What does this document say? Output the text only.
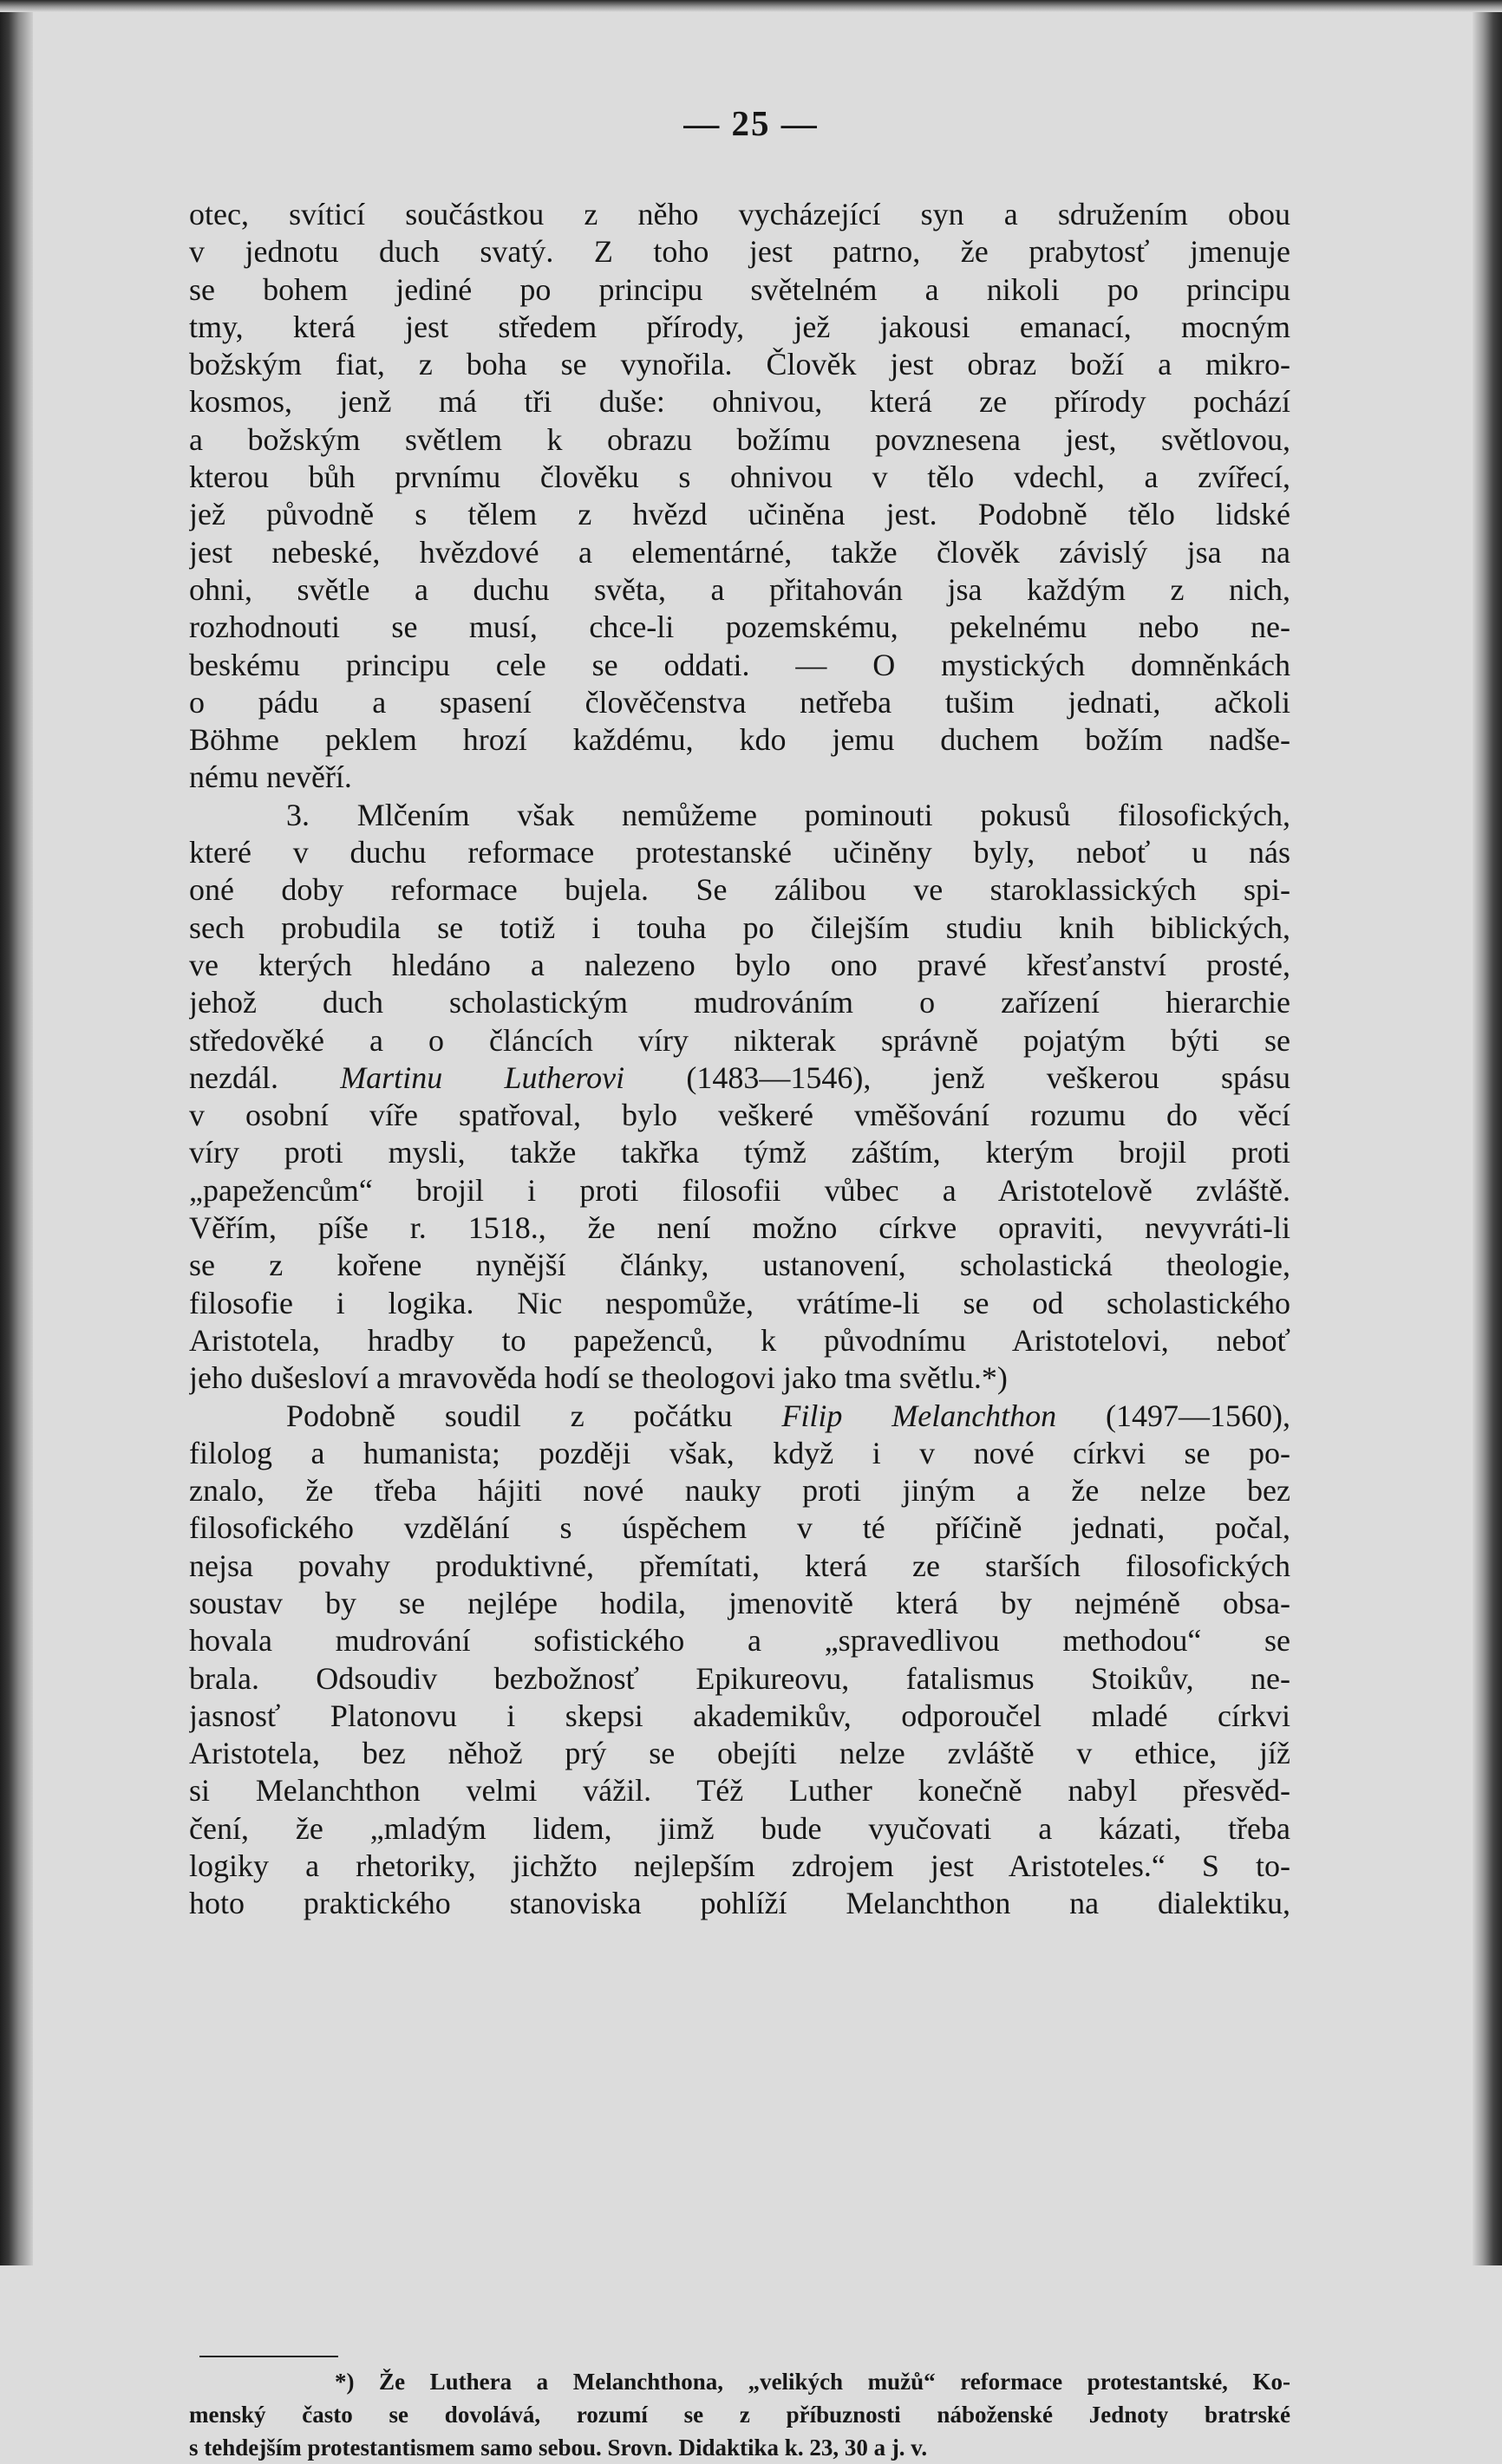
— 25 —
otec, svíticí součástkou z něho vycházející syn a sdružením obou
v jednotu duch svatý. Z toho jest patrno, že prabytosť jmenuje
se bohem jediné po principu světelném a nikoli po principu
tmy, která jest středem přírody, jež jakousi emanací, mocným
božským fiat, z boha se vynořila. Člověk jest obraz boží a mikro-
kosmos, jenž má tři duše: ohnivou, která ze přírody pochází
a božským světlem k obrazu božímu povznesena jest, světlovou,
kterou bůh prvnímu člověku s ohnivou v tělo vdechl, a zvířecí,
jež původně s tělem z hvězd učiněna jest. Podobně tělo lidské
jest nebeské, hvězdové a elementárné, takže člověk závislý jsa na
ohni, světle a duchu světa, a přitahován jsa každým z nich,
rozhodnouti se musí, chce-li pozemskému, pekelnému nebo ne-
beskému principu cele se oddati. — O mystických domněnkách
o pádu a spasení člověčenstva netřeba tušim jednati, ačkoli
Böhme peklem hrozí každému, kdo jemu duchem božím nadše-
nému nevěří.
3. Mlčením však nemůžeme pominouti pokusů filosofických,
které v duchu reformace protestanské učiněny byly, neboť u nás
oné doby reformace bujela. Se zálibou ve staroklassických spi-
sech probudila se totiž i touha po čilejším studiu knih biblických,
ve kterých hledáno a nalezeno bylo ono pravé křesťanství prosté,
jehož duch scholastickým mudrováním o zařízení hierarchie
středověké a o článcích víry nikterak správně pojatým býti se
nezdál. Martinu Lutherovi (1483—1546), jenž veškerou spásu
v osobní víře spatřoval, bylo veškeré vměšování rozumu do věcí
víry proti mysli, takže takřka týmž záštím, kterým brojil proti
„papežencům“ brojil i proti filosofii vůbec a Aristotelově zvláště.
Věřím, píše r. 1518., že není možno církve opraviti, nevyvráti-li
se z kořene nynější články, ustanovení, scholastická theologie,
filosofie i logika. Nic nespomůže, vrátíme-li se od scholastického
Aristotela, hradby to papeženců, k původnímu Aristotelovi, neboť
jeho dušesloví a mravověda hodí se theologovi jako tma světlu.*)
Podobně soudil z počátku Filip Melanchthon (1497—1560),
filolog a humanista; později však, když i v nové církvi se po-
znalo, že třeba hájiti nové nauky proti jiným a že nelze bez
filosofického vzdělání s úspěchem v té příčině jednati, počal,
nejsa povahy produktivné, přemítati, která ze starších filosofických
soustav by se nejlépe hodila, jmenovitě která by nejméně obsa-
hovala mudrování sofistického a „spravedlivou methodou“ se
brala. Odsoudiv bezbožnosť Epikureovu, fatalismus Stoikův, ne-
jasnosť Platonovu i skepsi akademikův, odporoučel mladé církvi
Aristotela, bez něhož prý se obejíti nelze zvláště v ethice, jíž
si Melanchthon velmi vážil. Též Luther konečně nabyl přesvěd-
čení, že „mladým lidem, jimž bude vyučovati a kázati, třeba
logiky a rhetoriky, jichžto nejlepším zdrojem jest Aristoteles.“ S to-
hoto praktického stanoviska pohlíží Melanchthon na dialektiku,
*) Že Luthera a Melanchthona, „velikých mužů“ reformace protestantské, Ko-
menský často se dovolává, rozumí se z příbuznosti náboženské Jednoty bratrské
s tehdejším protestantismem samo sebou. Srovn. Didaktika k. 23, 30 a j. v.
